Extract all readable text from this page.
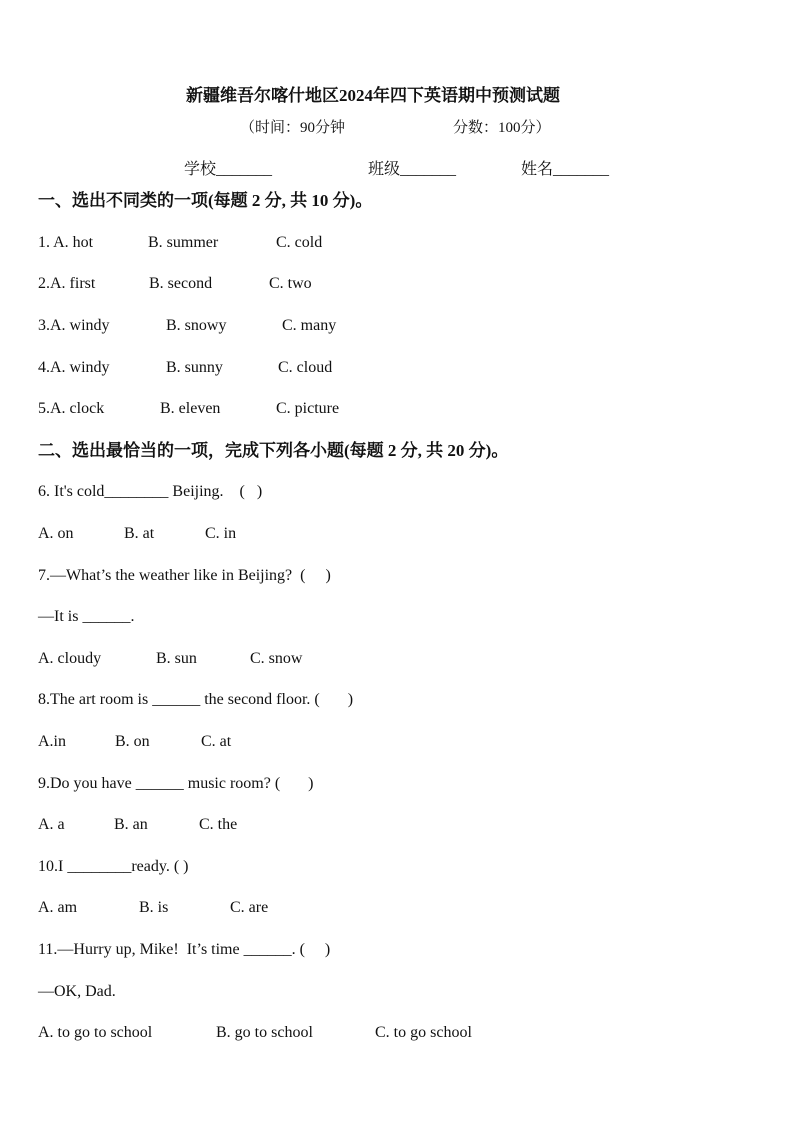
新疆维吾尔喀什地区2024年四下英语期中预测试题
（时间：90分钟	分数：100分）
学校_______	班级_______	姓名_______
一、选出不同类的一项(每题 2 分, 共 10 分)。
1. A. hot	B. summer	C. cold
2.A. first	B. second	C. two
3.A. windy	B. snowy	C. many
4.A. windy	B. sunny	C. cloud
5.A. clock	B. eleven	C. picture
二、选出最恰当的一项，完成下列各小题(每题 2 分, 共 20 分)。
6. It's cold________ Beijing.    (   )
A. on	B. at	C. in
7.—What’s the weather like in Beijing?  (     )
—It is ______.
A. cloudy	B. sun	C. snow
8.The art room is ______ the second floor. (       )
A.in	B. on	C. at
9.Do you have ______ music room? (       )
A. a	B. an	C. the
10.I ________ready. ( )
A. am	B. is	C. are
11.—Hurry up, Mike!  It’s time ______. (     )
—OK, Dad.
A. to go to school	B. go to school	C. to go school
